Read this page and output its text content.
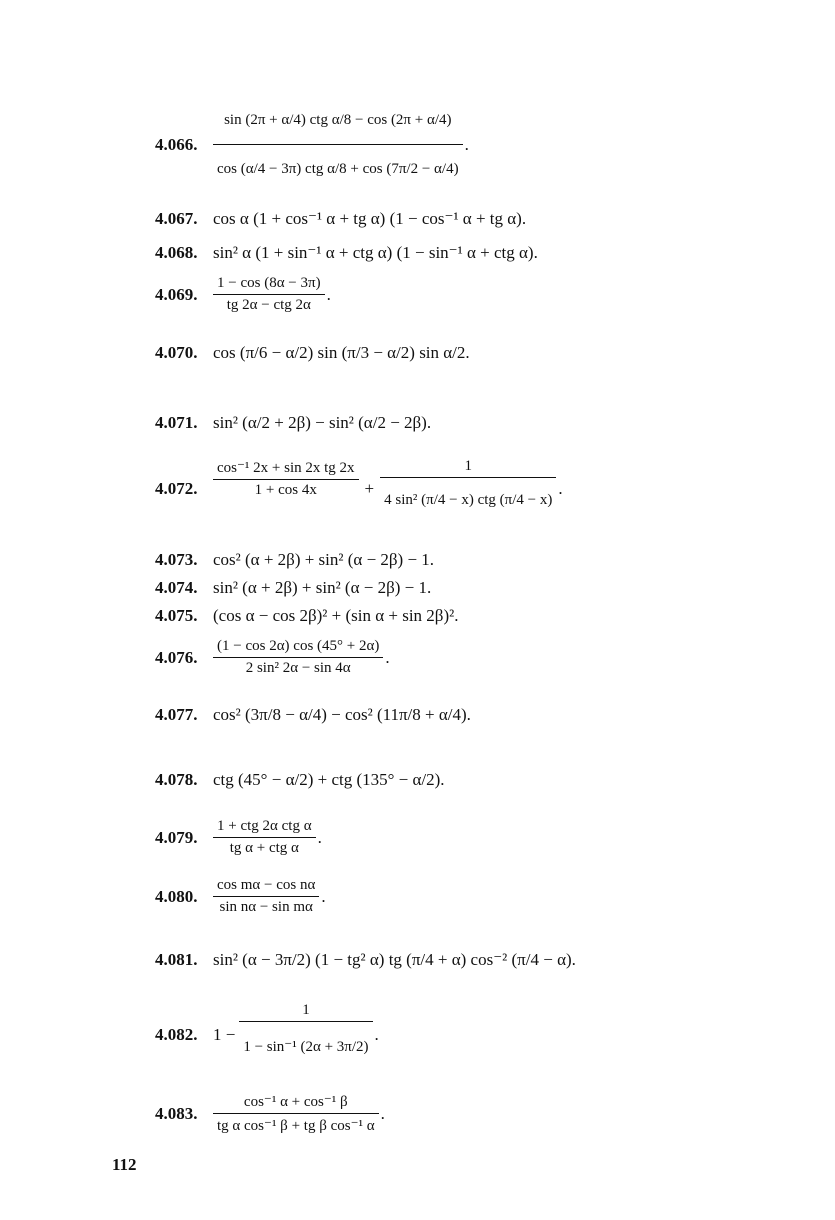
4.066.	$\frac{\text{sin (2π + α/4) ctg α/8 − cos (2π + α/4)}}{\text{cos (α/4 − 3π) ctg α/8 + cos (7π/2 − α/4)}}$ .
4.067. cos α (1 + cos⁻¹ α + tg α) (1 − cos⁻¹ α + tg α).
4.068. sin² α (1 + sin⁻¹ α + ctg α) (1 − sin⁻¹ α + ctg α).
4.069.	$\frac{1 - \cos (8\alpha - 3\pi)}{\text{tg 2α − ctg 2α}}$ .
4.070. cos (π/6 − α/2) sin (π/3 − α/2) sin α/2.
4.071. sin² (α/2 + 2β) − sin² (α/2 − 2β).
4.072.	$\frac{\text{cos⁻¹ 2x + sin 2x tg 2x}}{1 + \cos 4x} + \frac{1}{\text{4 sin² (π/4 − x) ctg (π/4 − x)}}$ .
4.073. cos² (α + 2β) + sin² (α − 2β) − 1.
4.074. sin² (α + 2β) + sin² (α − 2β) − 1.
4.075. (cos α − cos 2β)² + (sin α + sin 2β)².
4.076.	$\frac{(1 - \cos 2\alpha) \cos (45^\circ + 2\alpha)}{\text{2 sin² 2α − sin 4α}}$ .
4.077. cos² (3π/8 − α/4) − cos² (11π/8 + α/4).
4.078. ctg (45° − α/2) + ctg (135° − α/2).
4.079.	$\frac{\text{1 + ctg 2α ctg α}}{\text{tg α + ctg α}}$ .
4.080.	$\frac{\text{cos mα − cos nα}}{\text{sin nα − sin mα}}$ .
4.081. sin² (α − 3π/2) (1 − tg² α) tg (π/4 + α) cos⁻² (π/4 − α).
4.082. $1 - \frac{1}{\text{1 − sin⁻¹ (2α + 3π/2)}}$ .
4.083.	$\frac{\text{cos⁻¹ α + cos⁻¹ β}}{\text{tg α cos⁻¹ β + tg β cos⁻¹ α}}$ .
112
